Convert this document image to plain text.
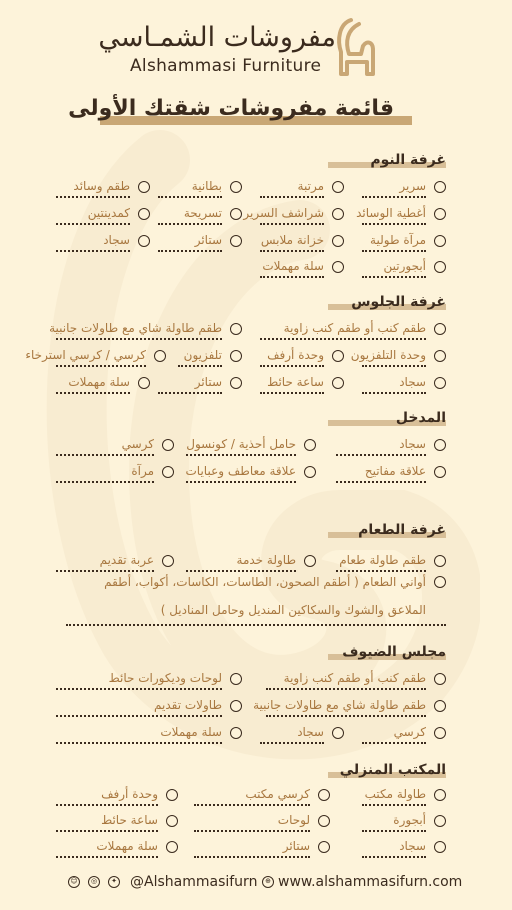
مفروشات الشمـاسي
Alshammasi Furniture
قائمة مفروشات شقتك الأولى
غرفة النوم
سرير
مرتبة
بطانية
طقم وسائد
أغطية الوسائد
شراشف السرير
تسريحة
كمدينتين
مرآة طولية
خزانة ملابس
ستائر
سجاد
أبجورتين
سلة مهملات
غرفة الجلوس
طقم كنب أو طقم كنب زاوية
طقم طاولة شاي مع طاولات جانبية
وحدة التلفزيون
وحدة أرفف
تلفزيون
كرسي / كرسي استرخاء
سجاد
ساعة حائط
ستائر
سلة مهملات
المدخل
سجاد
حامل أحذية / كونسول
كرسي
علاقة مفاتيح
علاقة معاطف وعبايات
مرآة
غرفة الطعام
طقم طاولة طعام
طاولة خدمة
عربة تقديم
أواني الطعام ( أطقم الصحون، الطاسات، الكاسات، أكواب، أطقم الملاعق والشوك والسكاكين المنديل وحامل المناديل )
مجلس الضيوف
طقم كنب أو طقم كنب زاوية
لوحات وديكورات حائط
طقم طاولة شاي مع طاولات جانبية
طاولات تقديم
كرسي
سجاد
سلة مهملات
المكتب المنزلي
طاولة مكتب
كرسي مكتب
وحدة أرفف
أبجورة
لوحات
ساعة حائط
سجاد
ستائر
سلة مهملات
☺	◎	✦ @Alshammasifurn	⊕ www.alshammasifurn.com
